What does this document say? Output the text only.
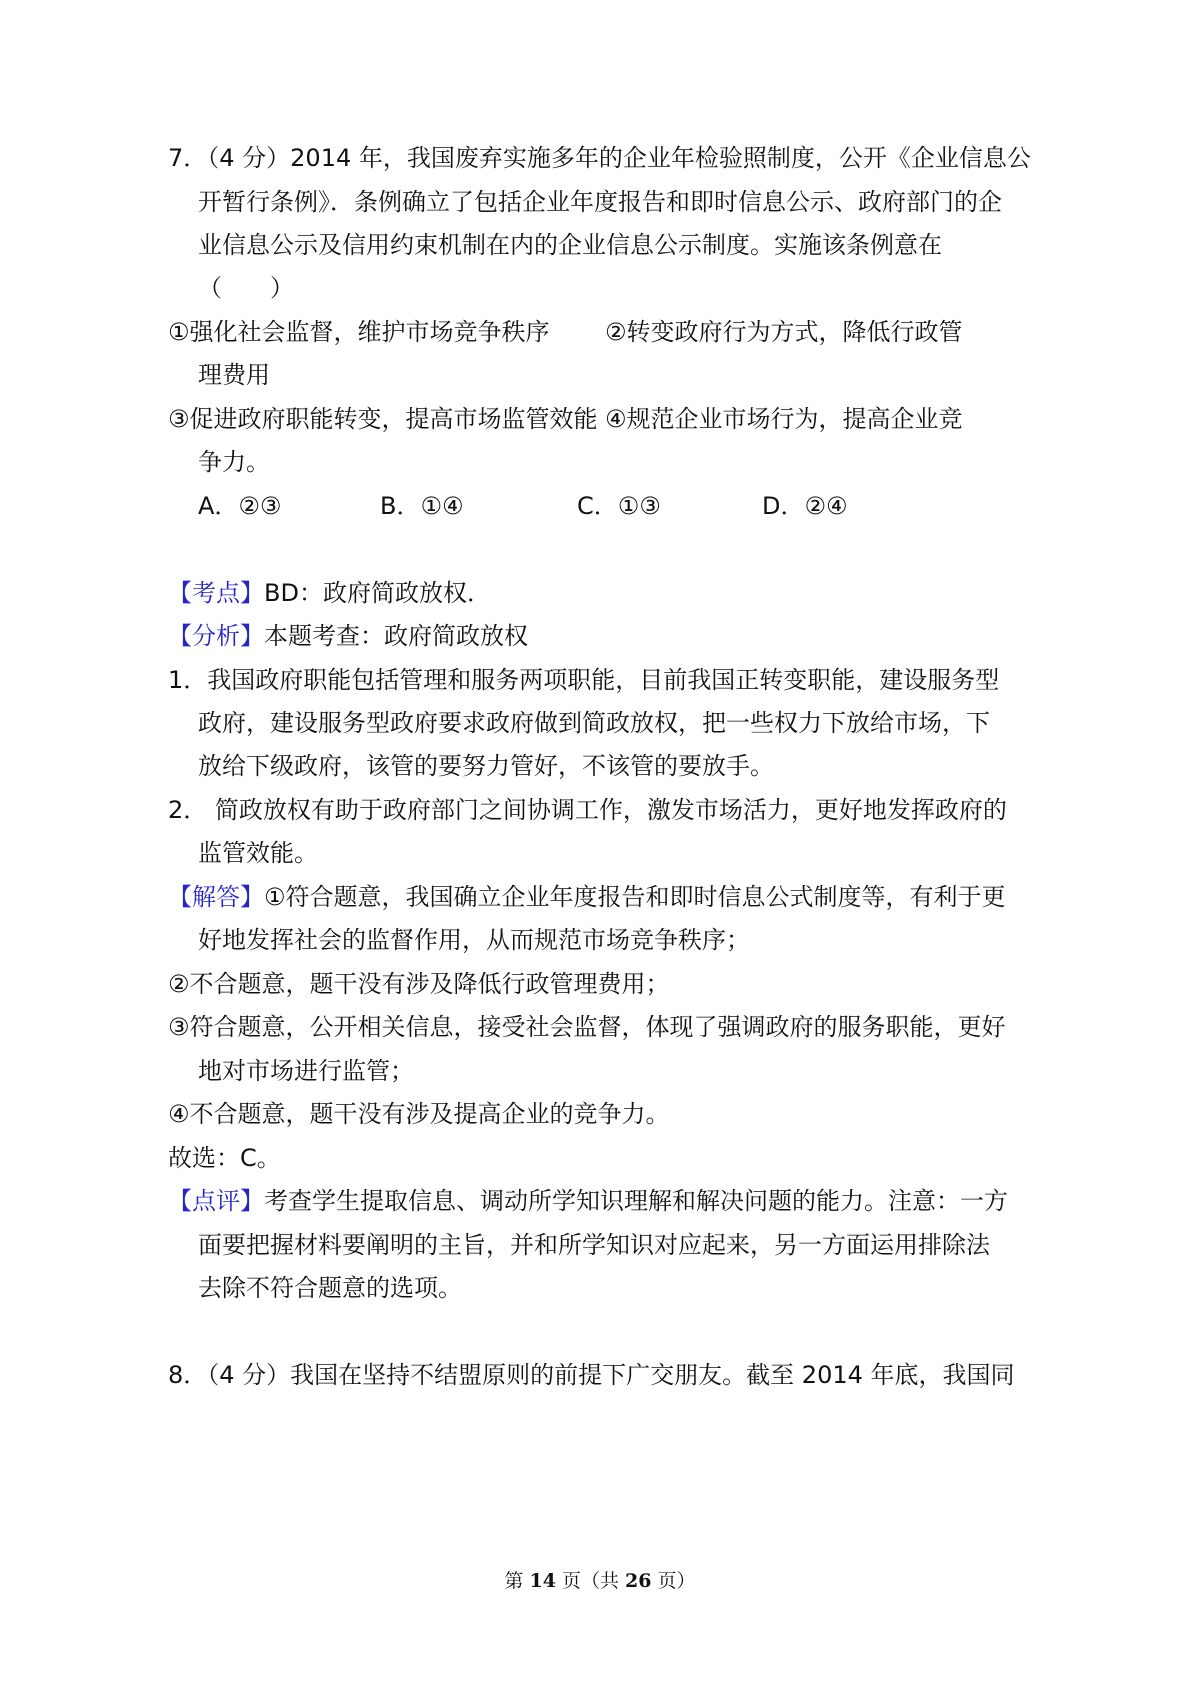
7．（4 分）2014 年，我国废弃实施多年的企业年检验照制度，公开《企业信息公
开暂行条例》．条例确立了包括企业年度报告和即时信息公示、政府部门的企
业信息公示及信用约束机制在内的企业信息公示制度。实施该条例意在
（　　）
①强化社会监督，维护市场竞争秩序 ②转变政府行为方式，降低行政管
理费用
③促进政府职能转变，提高市场监管效能 ④规范企业市场行为，提高企业竞
争力。
A．②③	B．①④	C．①③	D．②④
【考点】BD：政府简政放权．
【分析】本题考查：政府简政放权
1．我国政府职能包括管理和服务两项职能，目前我国正转变职能，建设服务型
政府，建设服务型政府要求政府做到简政放权，把一些权力下放给市场，下
放给下级政府，该管的要努力管好，不该管的要放手。
2． 简政放权有助于政府部门之间协调工作，激发市场活力，更好地发挥政府的
监管效能。
【解答】①符合题意，我国确立企业年度报告和即时信息公式制度等，有利于更
好地发挥社会的监督作用，从而规范市场竞争秩序；
②不合题意，题干没有涉及降低行政管理费用；
③符合题意，公开相关信息，接受社会监督，体现了强调政府的服务职能，更好
地对市场进行监管；
④不合题意，题干没有涉及提高企业的竞争力。
故选：C。
【点评】考查学生提取信息、调动所学知识理解和解决问题的能力。注意：一方
面要把握材料要阐明的主旨，并和所学知识对应起来，另一方面运用排除法
去除不符合题意的选项。
8．（4 分）我国在坚持不结盟原则的前提下广交朋友。截至 2014 年底，我国同
第 14 页（共 26 页）
